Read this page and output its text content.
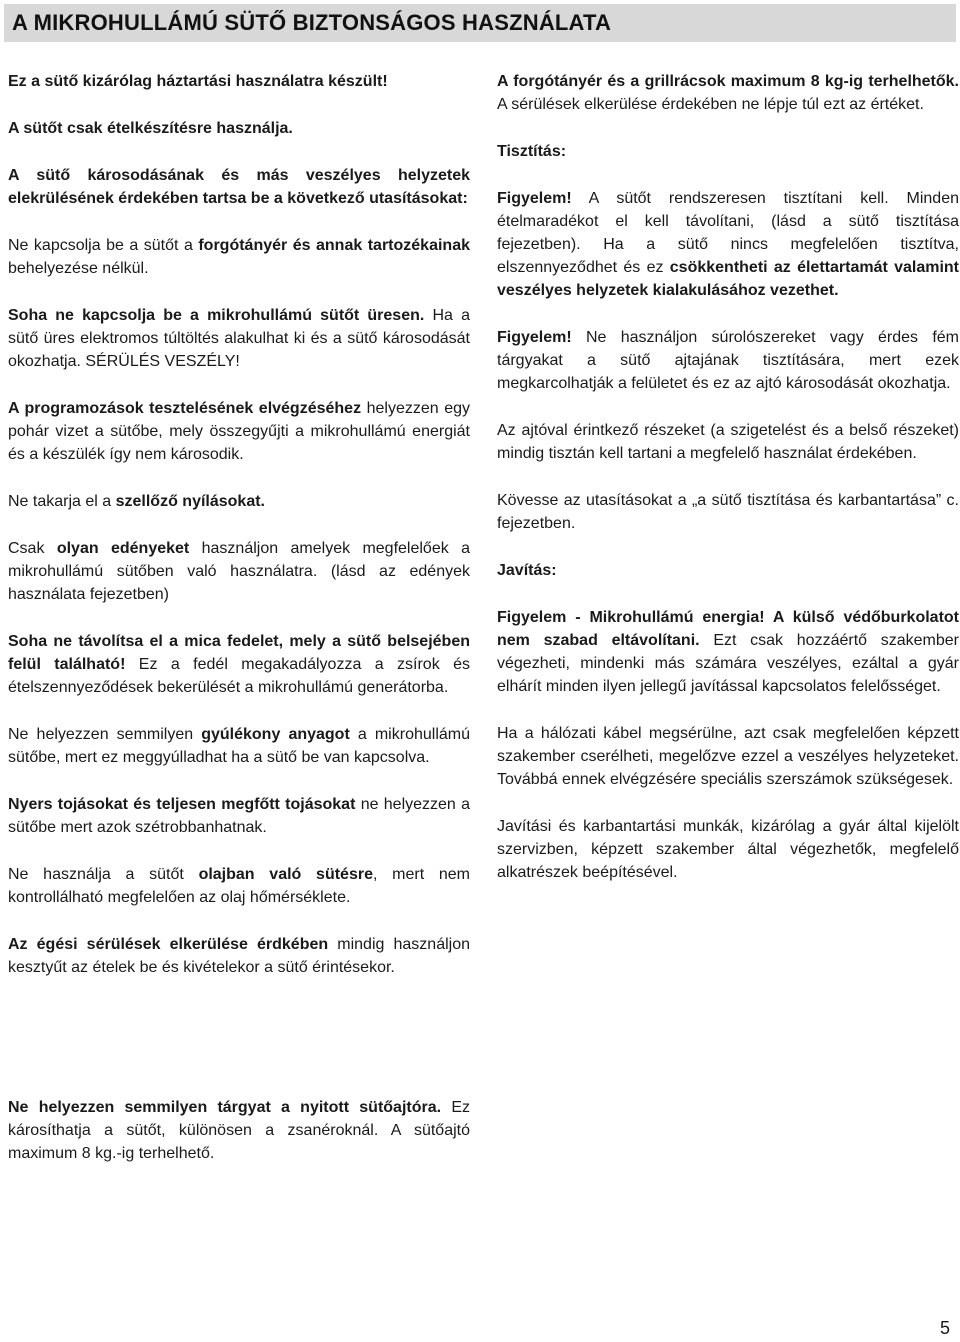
A MIKROHULLÁMÚ SÜTŐ BIZTONSÁGOS HASZNÁLATA

Ez a sütő kizárólag háztartási használatra készült!

A sütőt csak ételkészítésre használja.

A sütő károsodásának és más veszélyes helyzetek elekrülésének érdekében tartsa be a következő utasításokat:

Ne kapcsolja be a sütőt a forgótányér és annak tartozékainak behelyezése nélkül.

Soha ne kapcsolja be a mikrohullámú sütőt üresen. Ha a sütő üres elektromos túltöltés alakulhat ki és a sütő károsodását okozhatja. SÉRÜLÉS VESZÉLY!

A programozások tesztelésének elvégzéséhez helyezzen egy pohár vizet a sütőbe, mely összegyűjti a mikrohullámú energiát és a készülék így nem károsodik.

Ne takarja el a szellőző nyílásokat.

Csak olyan edényeket használjon amelyek megfelelőek a mikrohullámú sütőben való használatra. (lásd az edények használata fejezetben)

Soha ne távolítsa el a mica fedelet, mely a sütő belsejében felül található! Ez a fedél megakadályozza a zsírok és ételszennyeződések bekerülését a mikrohullámú generátorba.

Ne helyezzen semmilyen gyúlékony anyagot a mikrohullámú sütőbe, mert ez meggyúlladhat ha a sütő be van kapcsolva.

Nyers tojásokat és teljesen megfőtt tojásokat ne helyezzen a sütőbe mert azok szétrobbanhatnak.

Ne használja a sütőt olajban való sütésre, mert nem kontrollálható megfelelően az olaj hőmérséklete.

Az égési sérülések elkerülése érdkében mindig használjon kesztyűt az ételek be és kivételekor a sütő érintésekor.

Ne helyezzen semmilyen tárgyat a nyitott sütőajtóra. Ez károsíthatja a sütőt, különösen a zsanéroknál. A sütőajtó maximum 8 kg.-ig terhelhető.

A forgótányér és a grillrácsok maximum 8 kg-ig terhelhetők. A sérülések elkerülése érdekében ne lépje túl ezt az értéket.

Tisztítás:

Figyelem! A sütőt rendszeresen tisztítani kell. Minden ételmaradékot el kell távolítani, (lásd a sütő tisztítása fejezetben). Ha a sütő nincs megfelelően tisztítva, elszennyeződhet és ez csökkentheti az élettartamát valamint veszélyes helyzetek kialakulásához vezethet.

Figyelem! Ne használjon súrolószereket vagy érdes fém tárgyakat a sütő ajtajának tisztítására, mert ezek megkarcolhatják a felületet és ez az ajtó károsodását okozhatja.

Az ajtóval érintkező részeket (a szigetelést és a belső részeket) mindig tisztán kell tartani a megfelelő használat érdekében.

Kövesse az utasításokat a „a sütő tisztítása és karbantartása” c. fejezetben.

Javítás:

Figyelem - Mikrohullámú energia! A külső védőburkolatot nem szabad eltávolítani. Ezt csak hozzáértő szakember végezheti, mindenki más számára veszélyes, ezáltal a gyár elhárít minden ilyen jellegű javítással kapcsolatos felelősséget.

Ha a hálózati kábel megsérülne, azt csak megfelelően képzett szakember cserélheti, megelőzve ezzel a veszélyes helyzeteket. Továbbá ennek elvégzésére speciális szerszámok szükségesek.

Javítási és karbantartási munkák, kizárólag a gyár által kijelölt szervizben, képzett szakember által végezhetők, megfelelő alkatrészek beépítésével.

5
